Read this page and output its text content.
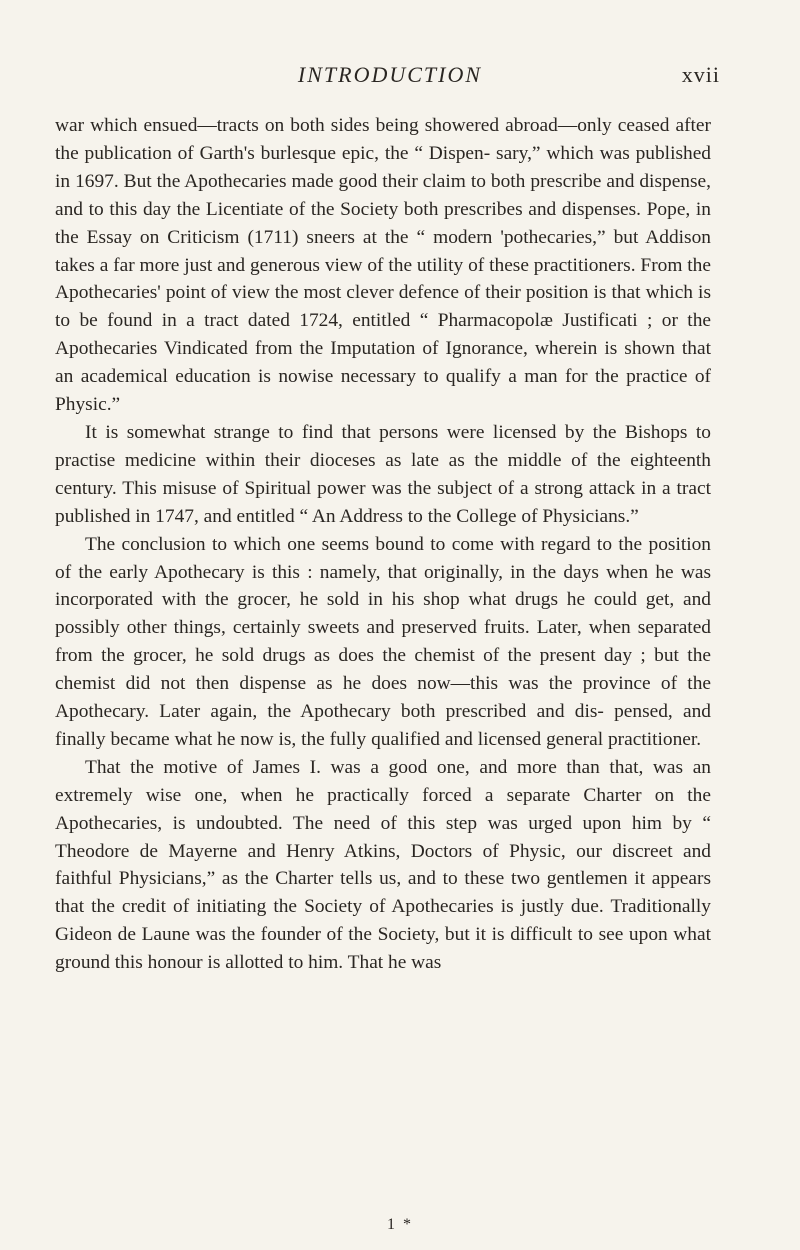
INTRODUCTION	xvii

war which ensued—tracts on both sides being showered abroad—only ceased after the publication of Garth's burlesque epic, the “ Dispen- sary,” which was published in 1697. But the Apothecaries made good their claim to both prescribe and dispense, and to this day the Licentiate of the Society both prescribes and dispenses. Pope, in the Essay on Criticism (1711) sneers at the “ modern 'pothecaries,” but Addison takes a far more just and generous view of the utility of these practitioners. From the Apothecaries' point of view the most clever defence of their position is that which is to be found in a tract dated 1724, entitled “ Pharmacopolæ Justificati ; or the Apothecaries Vindicated from the Imputation of Ignorance, wherein is shown that an academical education is nowise necessary to qualify a man for the practice of Physic.”

It is somewhat strange to find that persons were licensed by the Bishops to practise medicine within their dioceses as late as the middle of the eighteenth century. This misuse of Spiritual power was the subject of a strong attack in a tract published in 1747, and entitled “ An Address to the College of Physicians.”

The conclusion to which one seems bound to come with regard to the position of the early Apothecary is this : namely, that originally, in the days when he was incorporated with the grocer, he sold in his shop what drugs he could get, and possibly other things, certainly sweets and preserved fruits. Later, when separated from the grocer, he sold drugs as does the chemist of the present day ; but the chemist did not then dispense as he does now—this was the province of the Apothecary. Later again, the Apothecary both prescribed and dis- pensed, and finally became what he now is, the fully qualified and licensed general practitioner.

That the motive of James I. was a good one, and more than that, was an extremely wise one, when he practically forced a separate Charter on the Apothecaries, is undoubted. The need of this step was urged upon him by “ Theodore de Mayerne and Henry Atkins, Doctors of Physic, our discreet and faithful Physicians,” as the Charter tells us, and to these two gentlemen it appears that the credit of initiating the Society of Apothecaries is justly due. Traditionally Gideon de Laune was the founder of the Society, but it is difficult to see upon what ground this honour is allotted to him. That he was

1 *
